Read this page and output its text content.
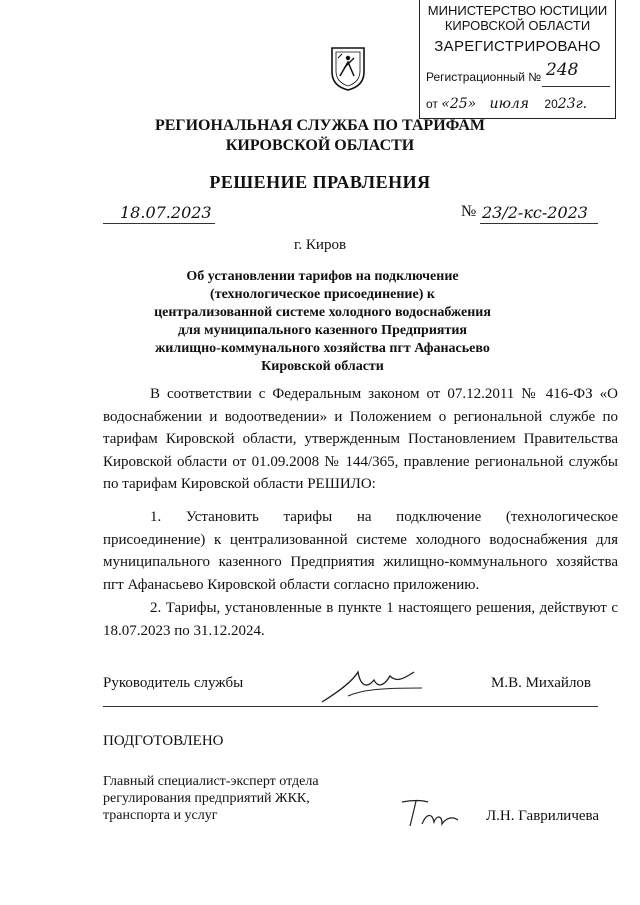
МИНИСТЕРСТВО ЮСТИЦИИ
КИРОВСКОЙ ОБЛАСТИ
ЗАРЕГИСТРИРОВАНО
Регистрационный № 248
от «25» июля 2023г.
РЕГИОНАЛЬНАЯ СЛУЖБА ПО ТАРИФАМ
КИРОВСКОЙ ОБЛАСТИ
РЕШЕНИЕ ПРАВЛЕНИЯ
18.07.2023	№ 23/2-кс-2023
г. Киров
Об установлении тарифов на подключение (технологическое присоединение) к централизованной системе холодного водоснабжения для муниципального казенного Предприятия жилищно-коммунального хозяйства пгт Афанасьево Кировской области
В соответствии с Федеральным законом от 07.12.2011 № 416-ФЗ «О водоснабжении и водоотведении» и Положением о региональной службе по тарифам Кировской области, утвержденным Постановлением Правительства Кировской области от 01.09.2008 № 144/365, правление региональной службы по тарифам Кировской области РЕШИЛО:
1. Установить тарифы на подключение (технологическое присоединение) к централизованной системе холодного водоснабжения для муниципального казенного Предприятия жилищно-коммунального хозяйства пгт Афанасьево Кировской области согласно приложению.
2. Тарифы, установленные в пункте 1 настоящего решения, действуют с 18.07.2023 по 31.12.2024.
Руководитель службы	М.В. Михайлов
ПОДГОТОВЛЕНО
Главный специалист-эксперт отдела
регулирования предприятий ЖКК,
транспорта и услуг	Л.Н. Гавриличева
